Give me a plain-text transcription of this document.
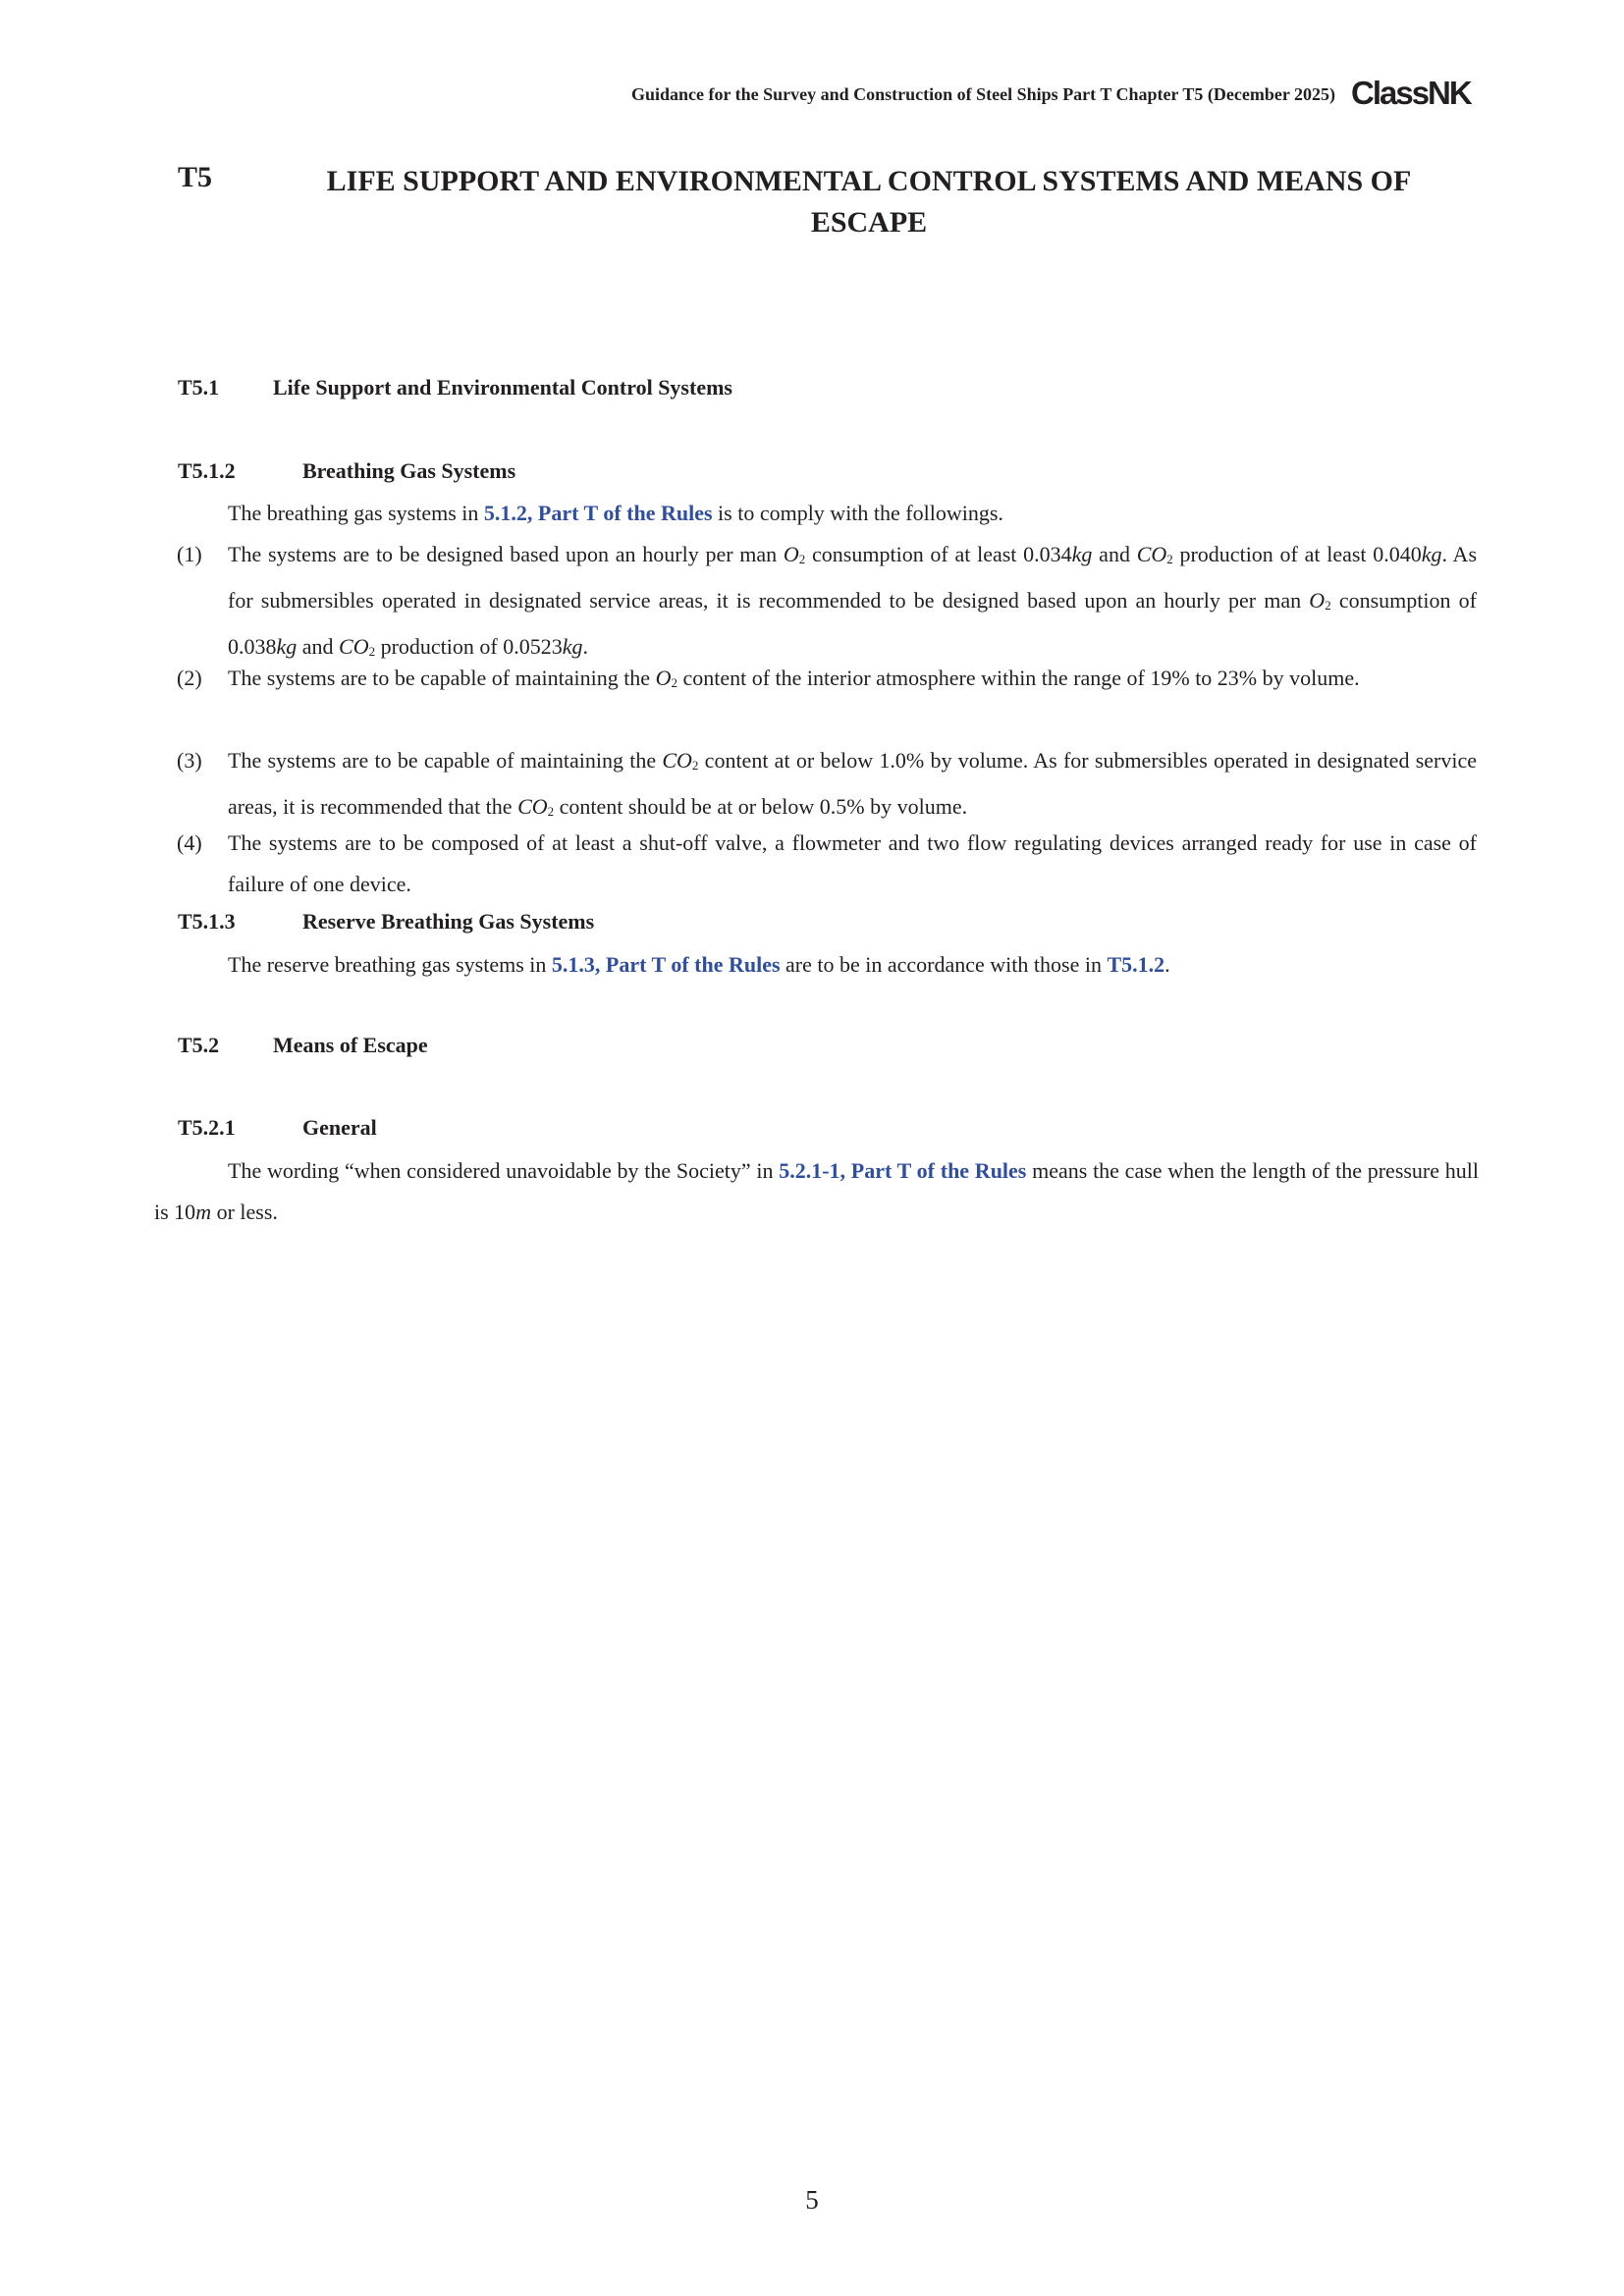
Guidance for the Survey and Construction of Steel Ships Part T Chapter T5 (December 2025) ClassNK
T5	LIFE SUPPORT AND ENVIRONMENTAL CONTROL SYSTEMS AND MEANS OF ESCAPE
T5.1 Life Support and Environmental Control Systems
T5.1.2	Breathing Gas Systems
The breathing gas systems in 5.1.2, Part T of the Rules is to comply with the followings.
(1) The systems are to be designed based upon an hourly per man $O_2$ consumption of at least 0.034kg and $CO_2$ production of at least 0.040kg. As for submersibles operated in designated service areas, it is recommended to be designed based upon an hourly per man $O_2$ consumption of 0.038kg and $CO_2$ production of 0.0523kg.
(2) The systems are to be capable of maintaining the $O_2$ content of the interior atmosphere within the range of 19% to 23% by volume.
(3) The systems are to be capable of maintaining the $CO_2$ content at or below 1.0% by volume. As for submersibles operated in designated service areas, it is recommended that the $CO_2$ content should be at or below 0.5% by volume.
(4) The systems are to be composed of at least a shut-off valve, a flowmeter and two flow regulating devices arranged ready for use in case of failure of one device.
T5.1.3	Reserve Breathing Gas Systems
The reserve breathing gas systems in 5.1.3, Part T of the Rules are to be in accordance with those in T5.1.2.
T5.2 Means of Escape
T5.2.1	General
The wording “when considered unavoidable by the Society” in 5.2.1-1, Part T of the Rules means the case when the length of the pressure hull is 10m or less.
5
